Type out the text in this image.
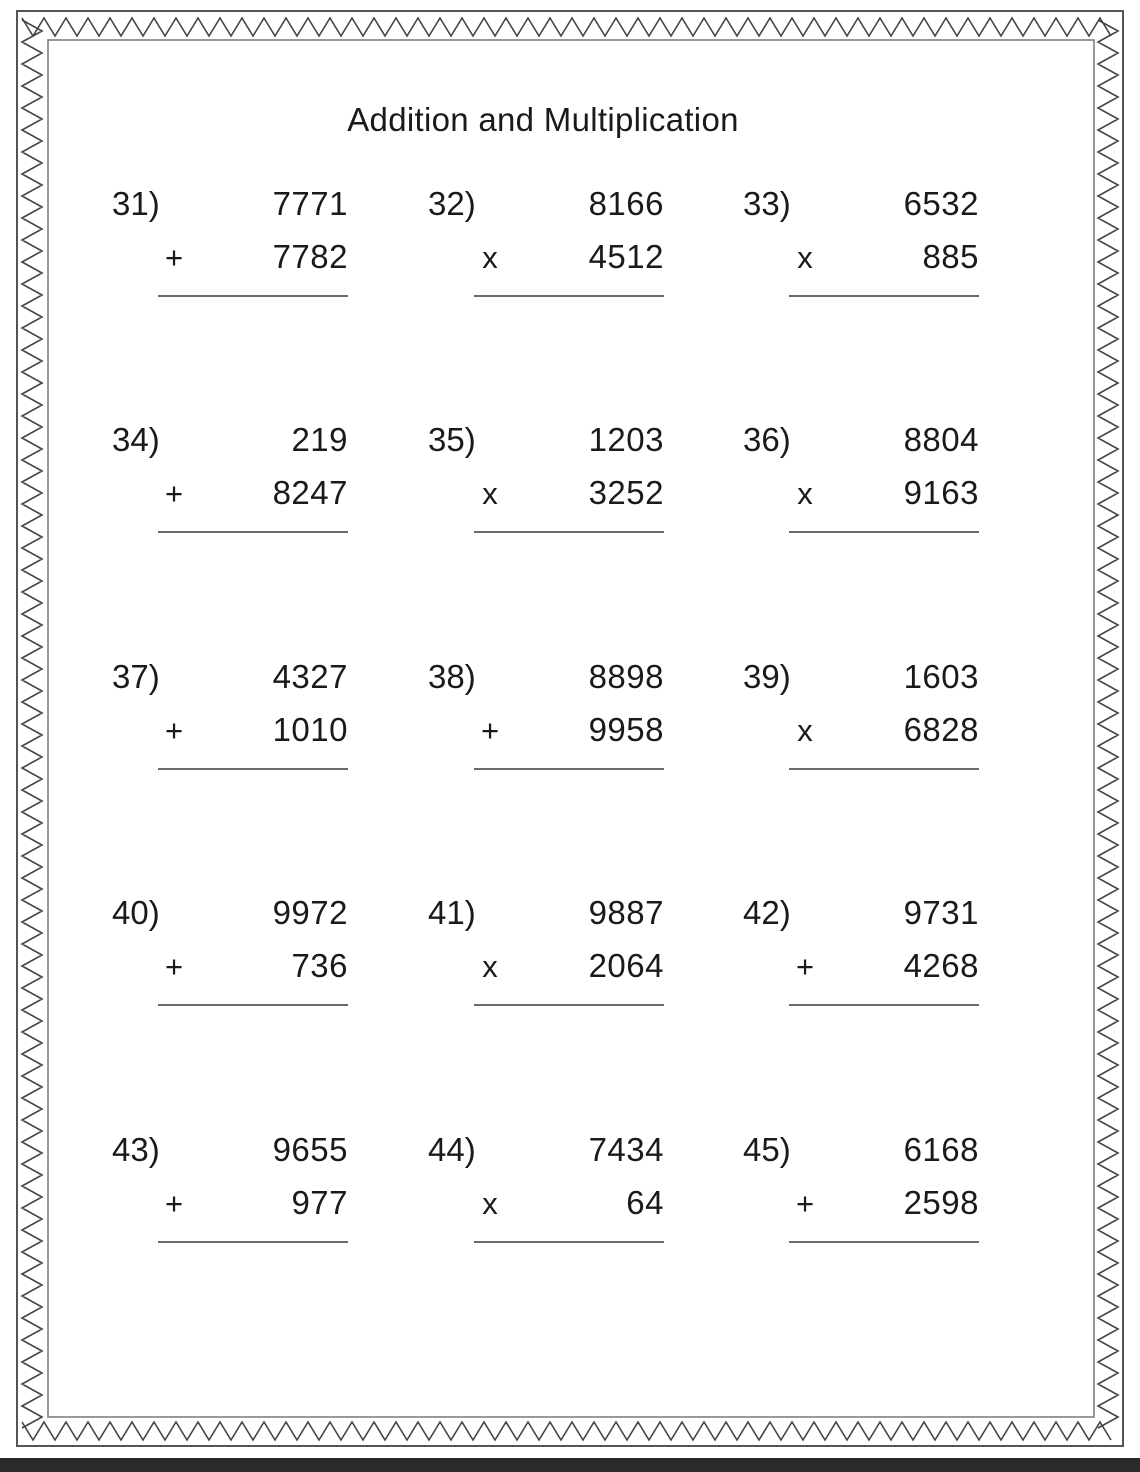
Addition and Multiplication
31)	7771
+	7782
32)	8166
x	4512
33)	6532
x	885
34)	219
+	8247
35)	1203
x	3252
36)	8804
x	9163
37)	4327
+	1010
38)	8898
+	9958
39)	1603
x	6828
40)	9972
+	736
41)	9887
x	2064
42)	9731
+	4268
43)	9655
+	977
44)	7434
x	64
45)	6168
+	2598
